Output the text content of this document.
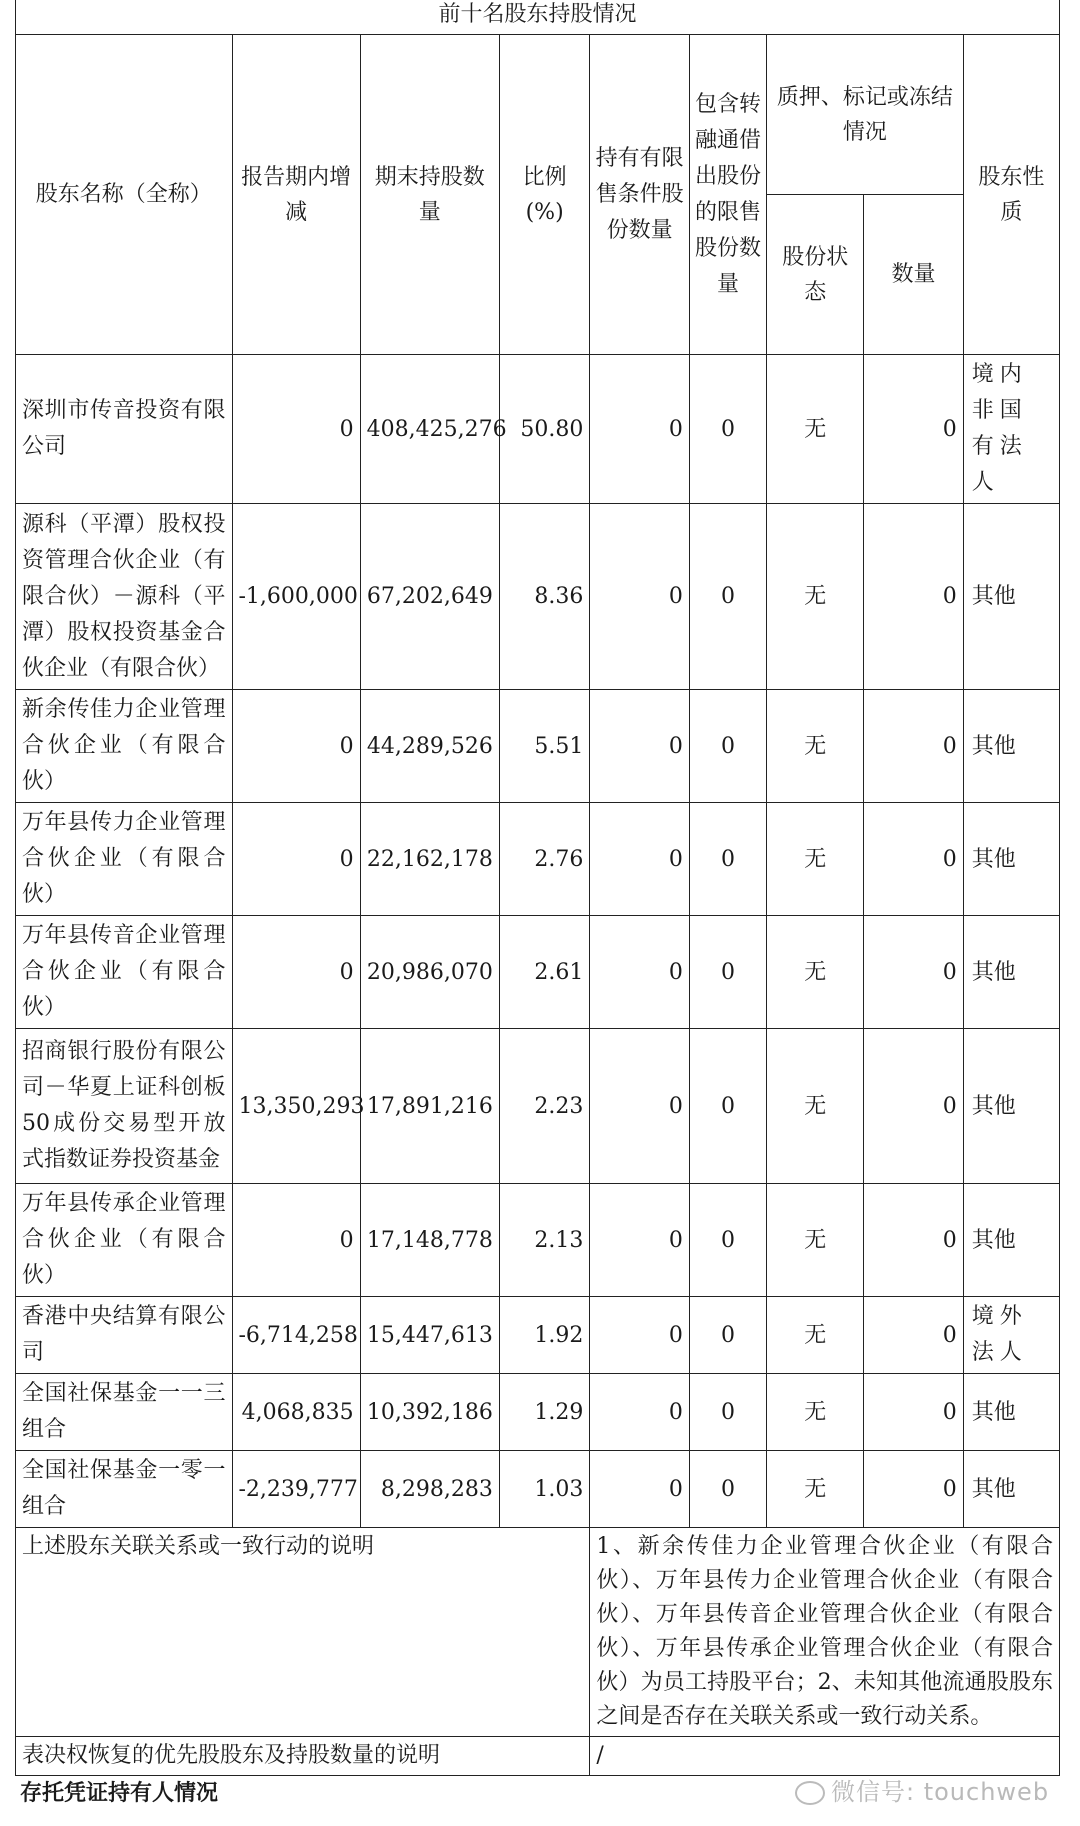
前十名股东持股情况								
股东名称（全称）	报告期内增减	期末持股数量	比例(%)	持有有限售条件股份数量	包含转融通借出股份的限售股份数量	质押、标记或冻结情况		股东性质
						股份状态	数量	
深圳市传音投资有限公司	0	408,425,276	50.80	0	0	无	0	境内非国有法人
源科（平潭）股权投资管理合伙企业（有限合伙）－源科（平潭）股权投资基金合伙企业（有限合伙）	-1,600,000	67,202,649	8.36	0	0	无	0	其他
新余传佳力企业管理合伙企业（有限合伙）	0	44,289,526	5.51	0	0	无	0	其他
万年县传力企业管理合伙企业（有限合伙）	0	22,162,178	2.76	0	0	无	0	其他
万年县传音企业管理合伙企业（有限合伙）	0	20,986,070	2.61	0	0	无	0	其他
招商银行股份有限公司－华夏上证科创板50成份交易型开放式指数证券投资基金	13,350,293	17,891,216	2.23	0	0	无	0	其他
万年县传承企业管理合伙企业（有限合伙）	0	17,148,778	2.13	0	0	无	0	其他
香港中央结算有限公司	-6,714,258	15,447,613	1.92	0	0	无	0	境外法人
全国社保基金一一三组合	4,068,835	10,392,186	1.29	0	0	无	0	其他
全国社保基金一零一组合	-2,239,777	8,298,283	1.03	0	0	无	0	其他
上述股东关联关系或一致行动的说明				1、新余传佳力企业管理合伙企业（有限合伙）、万年县传力企业管理合伙企业（有限合伙）、万年县传音企业管理合伙企业（有限合伙）、万年县传承企业管理合伙企业（有限合伙）为员工持股平台；2、未知其他流通股股东之间是否存在关联关系或一致行动关系。				
表决权恢复的优先股股东及持股数量的说明				/				
存托凭证持有人情况	微信号: touchweb
